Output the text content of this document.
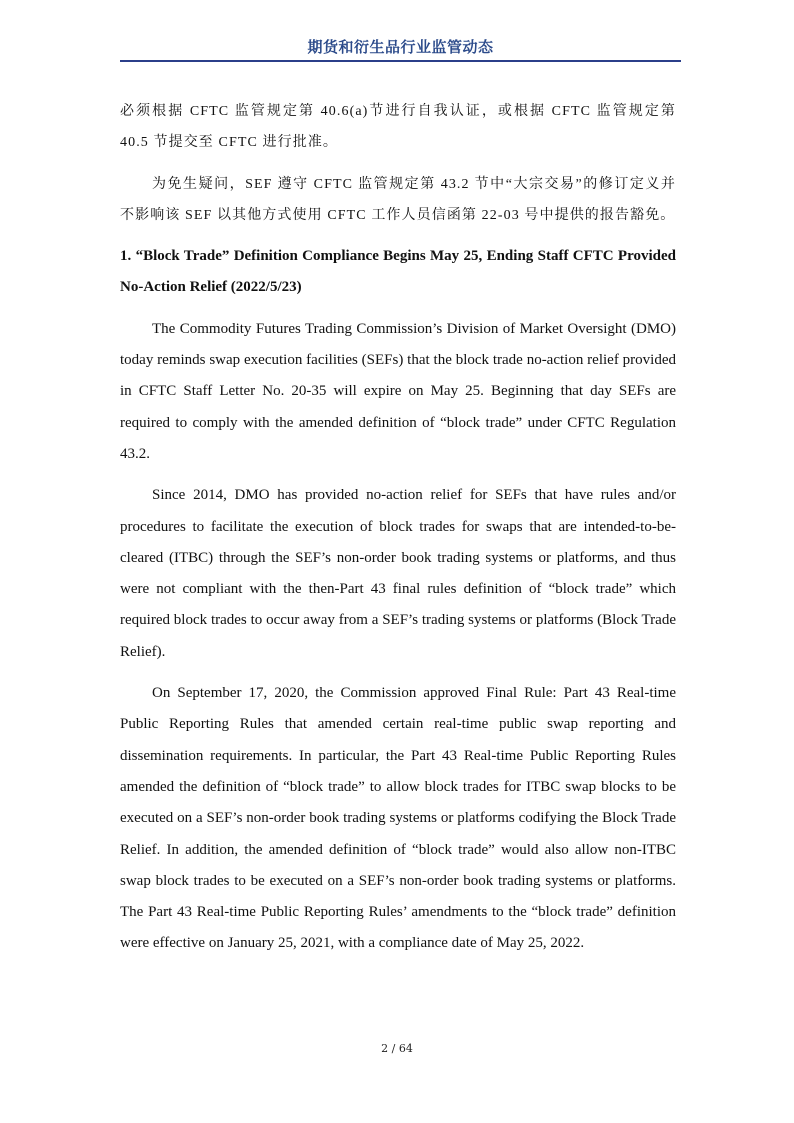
期货和衍生品行业监管动态

必须根据 CFTC 监管规定第 40.6(a)节进行自我认证，或根据 CFTC 监管规定第 40.5 节提交至 CFTC 进行批准。

为免生疑问，SEF 遵守 CFTC 监管规定第 43.2 节中“大宗交易”的修订定义并不影响该 SEF 以其他方式使用 CFTC 工作人员信函第 22-03 号中提供的报告豁免。

1. “Block Trade” Definition Compliance Begins May 25, Ending Staff CFTC Provided No-Action Relief (2022/5/23)

The Commodity Futures Trading Commission’s Division of Market Oversight (DMO) today reminds swap execution facilities (SEFs) that the block trade no-action relief provided in CFTC Staff Letter No. 20-35 will expire on May 25. Beginning that day SEFs are required to comply with the amended definition of “block trade” under CFTC Regulation 43.2.

Since 2014, DMO has provided no-action relief for SEFs that have rules and/or procedures to facilitate the execution of block trades for swaps that are intended-to-be-cleared (ITBC) through the SEF’s non-order book trading systems or platforms, and thus were not compliant with the then-Part 43 final rules definition of “block trade” which required block trades to occur away from a SEF’s trading systems or platforms (Block Trade Relief).

On September 17, 2020, the Commission approved Final Rule: Part 43 Real-time Public Reporting Rules that amended certain real-time public swap reporting and dissemination requirements. In particular, the Part 43 Real-time Public Reporting Rules amended the definition of “block trade” to allow block trades for ITBC swap blocks to be executed on a SEF’s non-order book trading systems or platforms codifying the Block Trade Relief. In addition, the amended definition of “block trade” would also allow non-ITBC swap block trades to be executed on a SEF’s non-order book trading systems or platforms. The Part 43 Real-time Public Reporting Rules’ amendments to the “block trade” definition were effective on January 25, 2021, with a compliance date of May 25, 2022.

2 / 64
